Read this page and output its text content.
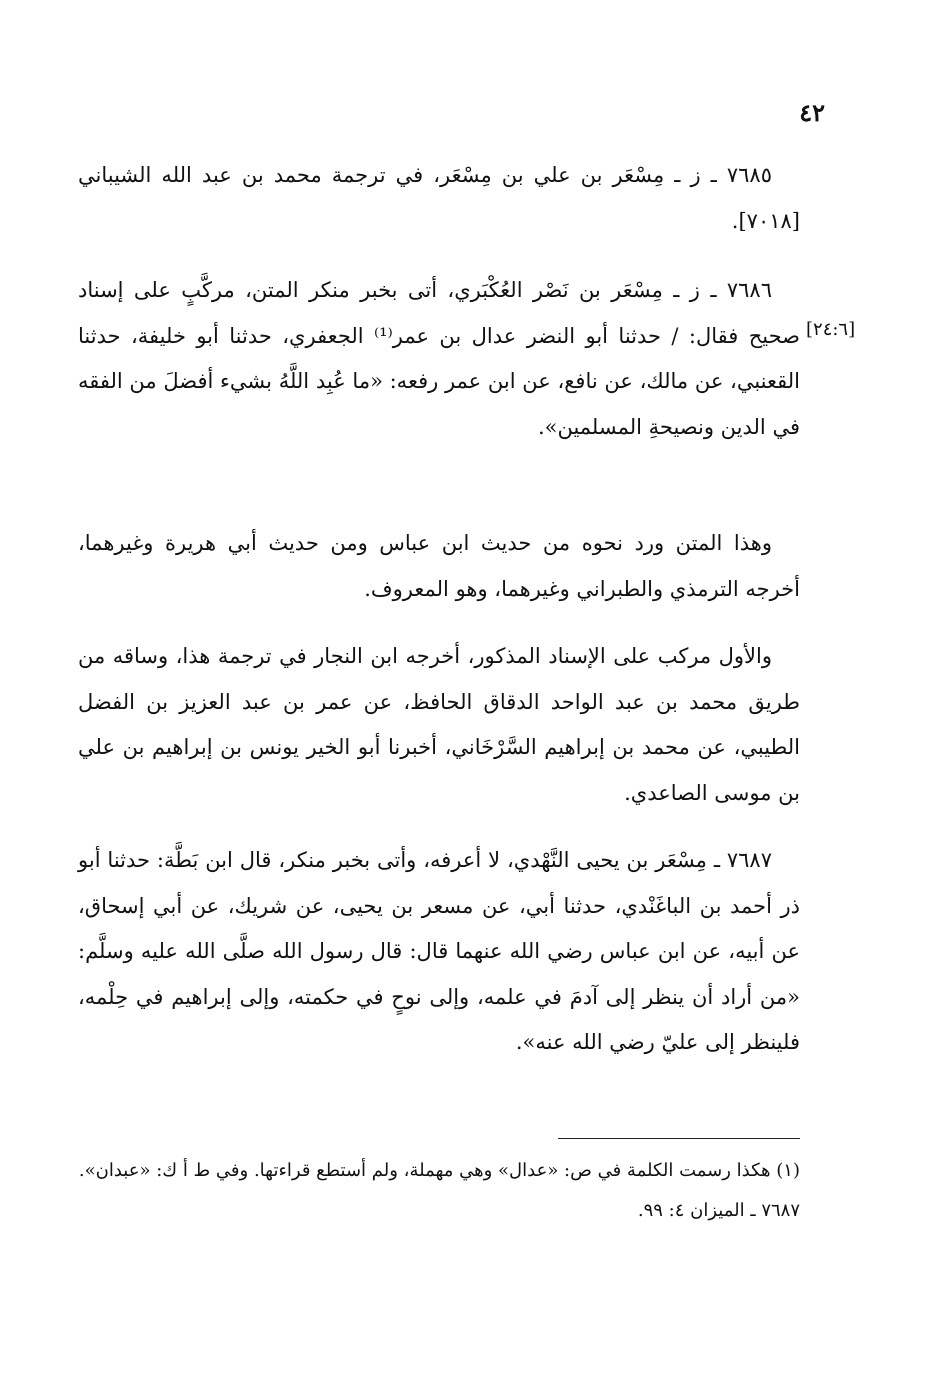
٤٢
[٢٤:٦]
٧٦٨٥ ـ ز ـ مِسْعَر بن علي بن مِسْعَر، في ترجمة محمد بن عبد الله الشيباني [٧٠١٨].
٧٦٨٦ ـ ز ـ مِسْعَر بن نَصْر العُكْبَري، أتى بخبر منكر المتن، مركَّبٍ على إسناد صحيح فقال: / حدثنا أبو النضر عدال بن عمر⁽¹⁾ الجعفري، حدثنا أبو خليفة، حدثنا القعنبي، عن مالك، عن نافع، عن ابن عمر رفعه: «ما عُبِد اللَّهُ بشيء أفضلَ من الفقه في الدين ونصيحةِ المسلمين».
وهذا المتن ورد نحوه من حديث ابن عباس ومن حديث أبي هريرة وغيرهما، أخرجه الترمذي والطبراني وغيرهما، وهو المعروف.
والأول مركب على الإسناد المذكور، أخرجه ابن النجار في ترجمة هذا، وساقه من طريق محمد بن عبد الواحد الدقاق الحافظ، عن عمر بن عبد العزيز بن الفضل الطيبي، عن محمد بن إبراهيم السَّرْخَاني، أخبرنا أبو الخير يونس بن إبراهيم بن علي بن موسى الصاعدي.
٧٦٨٧ ـ مِسْعَر بن يحيى النَّهْدي، لا أعرفه، وأتى بخبر منكر، قال ابن بَطَّة: حدثنا أبو ذر أحمد بن الباغَنْدي، حدثنا أبي، عن مسعر بن يحيى، عن شريك، عن أبي إسحاق، عن أبيه، عن ابن عباس رضي الله عنهما قال: قال رسول الله صلَّى الله عليه وسلَّم: «من أراد أن ينظر إلى آدمَ في علمه، وإلى نوحٍ في حكمته، وإلى إبراهيم في حِلْمه، فلينظر إلى عليّ رضي الله عنه».
(١) هكذا رسمت الكلمة في ص: «عدال» وهي مهملة، ولم أستطع قراءتها. وفي ط أ ك: «عبدان».
٧٦٨٧ ـ الميزان ٤: ٩٩.
